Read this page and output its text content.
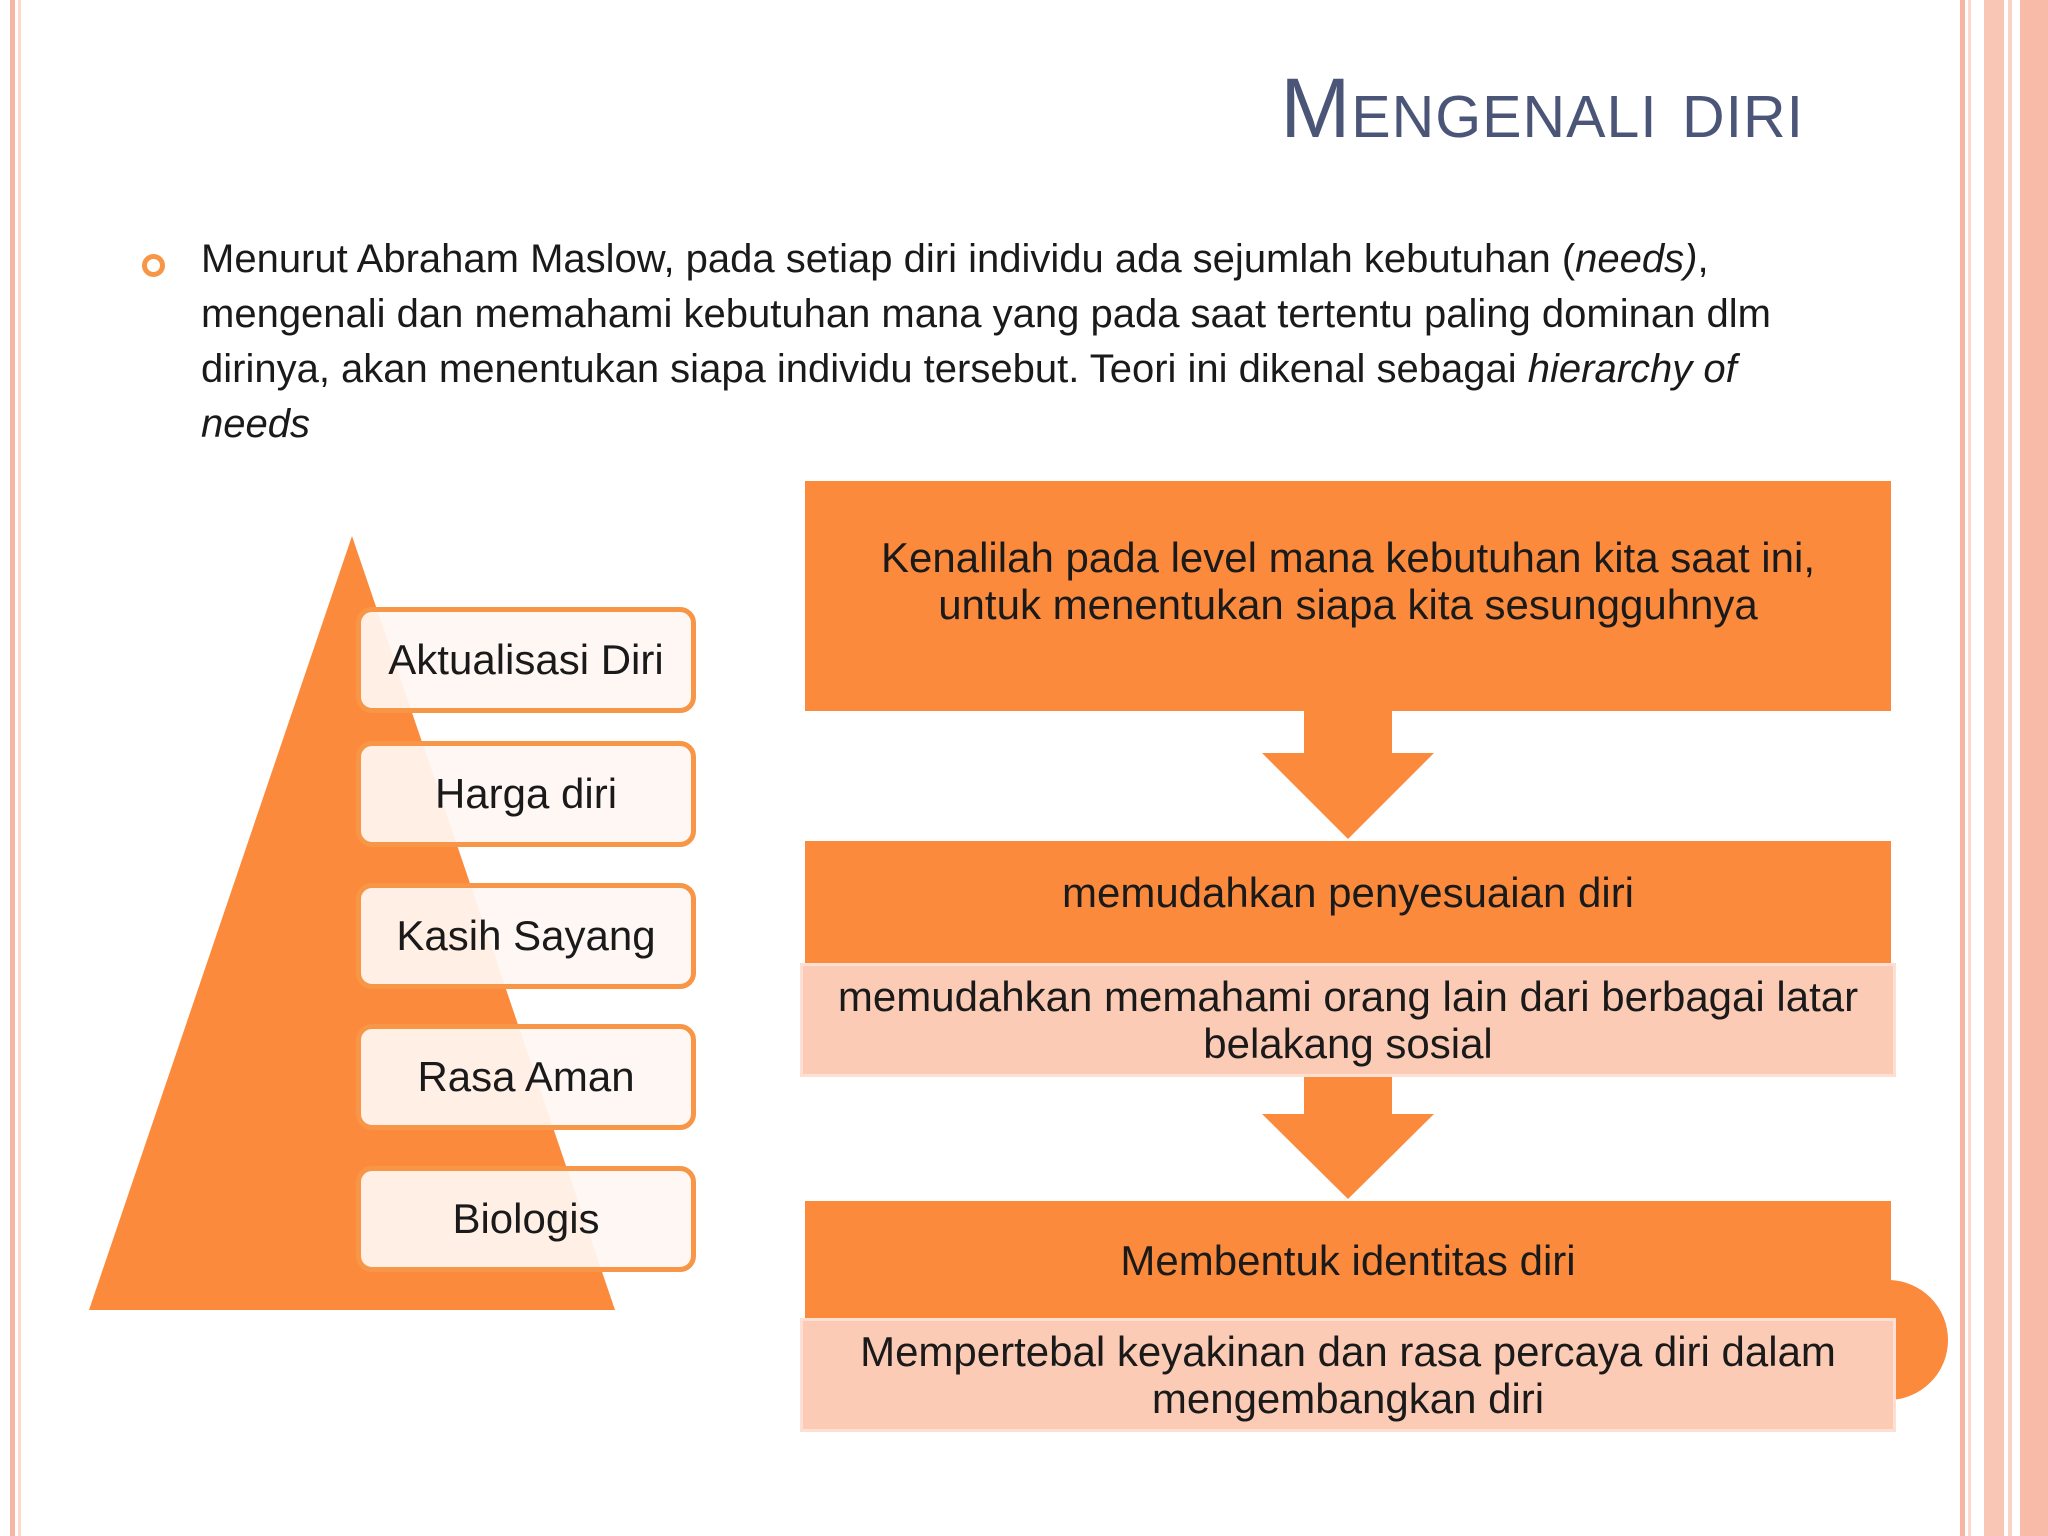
Mengenali diri
Menurut Abraham Maslow, pada setiap diri individu ada sejumlah kebutuhan (needs), mengenali dan memahami kebutuhan mana yang pada saat tertentu paling dominan dlm dirinya, akan menentukan siapa individu tersebut. Teori ini dikenal sebagai hierarchy of needs
Aktualisasi Diri
Harga diri
Kasih Sayang
Rasa Aman
Biologis
Kenalilah pada level mana kebutuhan kita saat ini, untuk menentukan siapa kita sesungguhnya
memudahkan penyesuaian diri
memudahkan memahami orang lain dari berbagai latar belakang sosial
Membentuk identitas diri
Mempertebal keyakinan dan rasa percaya diri dalam mengembangkan diri
